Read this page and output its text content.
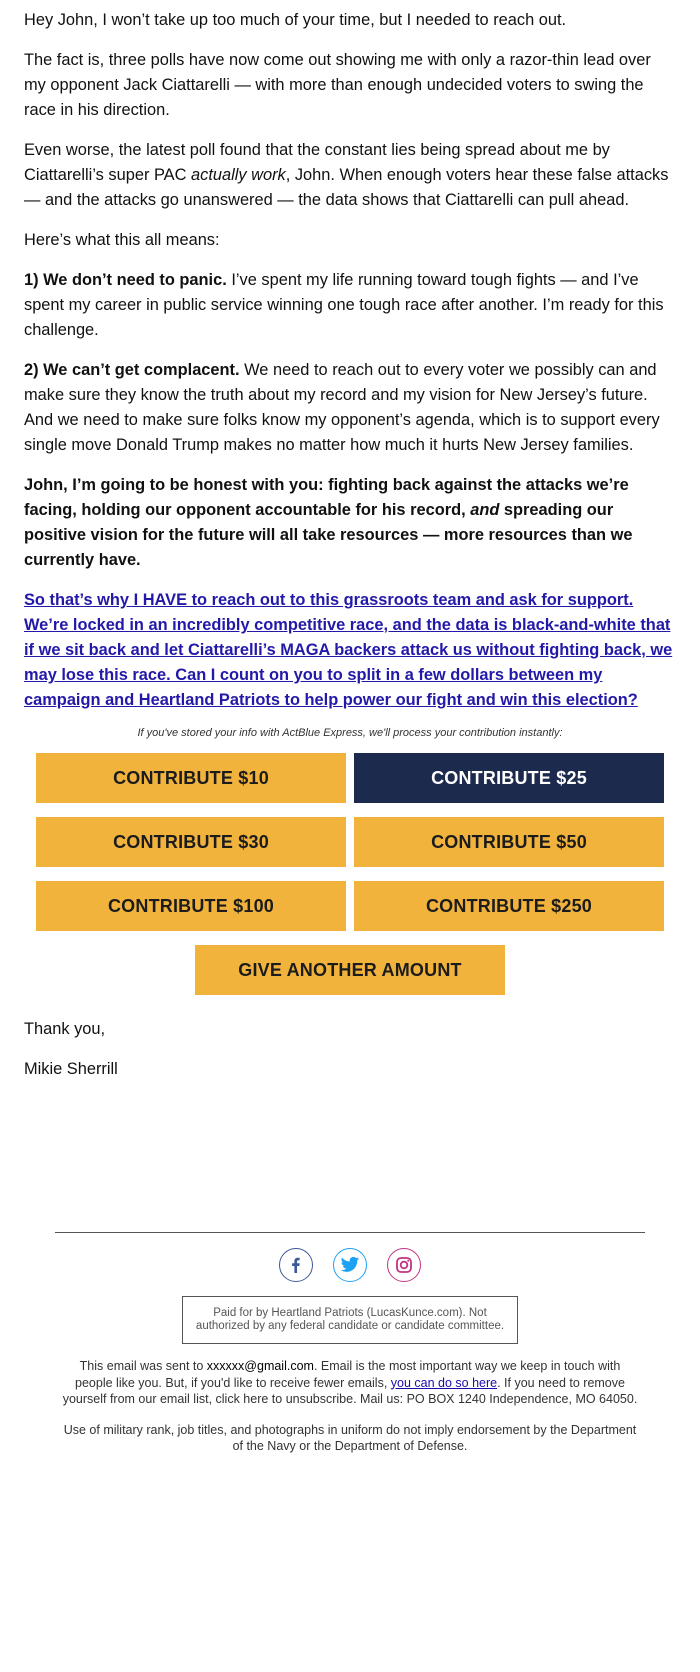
Hey John, I won’t take up too much of your time, but I needed to reach out.

The fact is, three polls have now come out showing me with only a razor-thin lead over my opponent Jack Ciattarelli — with more than enough undecided voters to swing the race in his direction.

Even worse, the latest poll found that the constant lies being spread about me by Ciattarelli’s super PAC actually work, John. When enough voters hear these false attacks — and the attacks go unanswered — the data shows that Ciattarelli can pull ahead.

Here’s what this all means:

1) We don’t need to panic. I’ve spent my life running toward tough fights — and I’ve spent my career in public service winning one tough race after another. I’m ready for this challenge.

2) We can’t get complacent. We need to reach out to every voter we possibly can and make sure they know the truth about my record and my vision for New Jersey’s future. And we need to make sure folks know my opponent’s agenda, which is to support every single move Donald Trump makes no matter how much it hurts New Jersey families.

John, I’m going to be honest with you: fighting back against the attacks we’re facing, holding our opponent accountable for his record, and spreading our positive vision for the future will all take resources — more resources than we currently have.

So that’s why I HAVE to reach out to this grassroots team and ask for support. We’re locked in an incredibly competitive race, and the data is black-and-white that if we sit back and let Ciattarelli’s MAGA backers attack us without fighting back, we may lose this race. Can I count on you to split in a few dollars between my campaign and Heartland Patriots to help power our fight and win this election?

If you've stored your info with ActBlue Express, we'll process your contribution instantly:

CONTRIBUTE $10	CONTRIBUTE $25
CONTRIBUTE $30	CONTRIBUTE $50
CONTRIBUTE $100	CONTRIBUTE $250
GIVE ANOTHER AMOUNT

Thank you,

Mikie Sherrill

Paid for by Heartland Patriots (LucasKunce.com). Not authorized by any federal candidate or candidate committee.
This email was sent to xxxxxx@gmail.com. Email is the most important way we keep in touch with people like you. But, if you'd like to receive fewer emails, you can do so here. If you need to remove yourself from our email list, click here to unsubscribe. Mail us: PO BOX 1240 Independence, MO 64050.
Use of military rank, job titles, and photographs in uniform do not imply endorsement by the Department of the Navy or the Department of Defense.
